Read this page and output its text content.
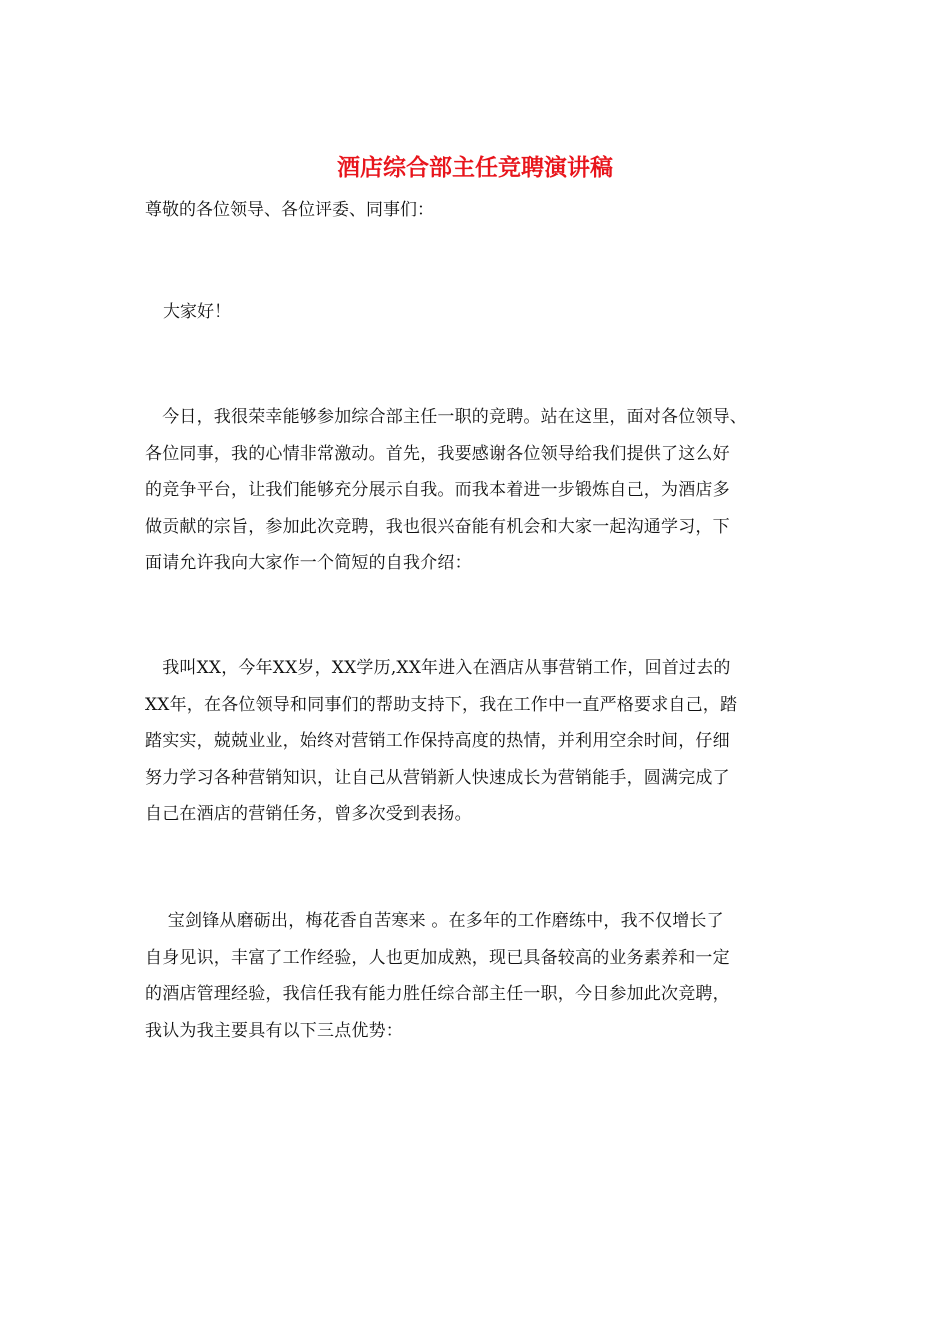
酒店综合部主任竞聘演讲稿
尊敬的各位领导、各位评委、同事们：
大家好！
　今日，我很荣幸能够参加综合部主任一职的竞聘。站在这里，面对各位领导、
各位同事，我的心情非常激动。首先，我要感谢各位领导给我们提供了这么好
的竞争平台，让我们能够充分展示自我。而我本着进一步锻炼自己，为酒店多
做贡献的宗旨，参加此次竞聘，我也很兴奋能有机会和大家一起沟通学习，下
面请允许我向大家作一个简短的自我介绍：
　我叫XX，今年XX岁，XX学历,XX年进入在酒店从事营销工作，回首过去的
XX年，在各位领导和同事们的帮助支持下，我在工作中一直严格要求自己，踏
踏实实，兢兢业业，始终对营销工作保持高度的热情，并利用空余时间，仔细
努力学习各种营销知识，让自己从营销新人快速成长为营销能手，圆满完成了
自己在酒店的营销任务，曾多次受到表扬。
　 宝剑锋从磨砺出，梅花香自苦寒来 。在多年的工作磨练中，我不仅增长了
自身见识，丰富了工作经验，人也更加成熟，现已具备较高的业务素养和一定
的酒店管理经验，我信任我有能力胜任综合部主任一职，今日参加此次竞聘，
我认为我主要具有以下三点优势：
